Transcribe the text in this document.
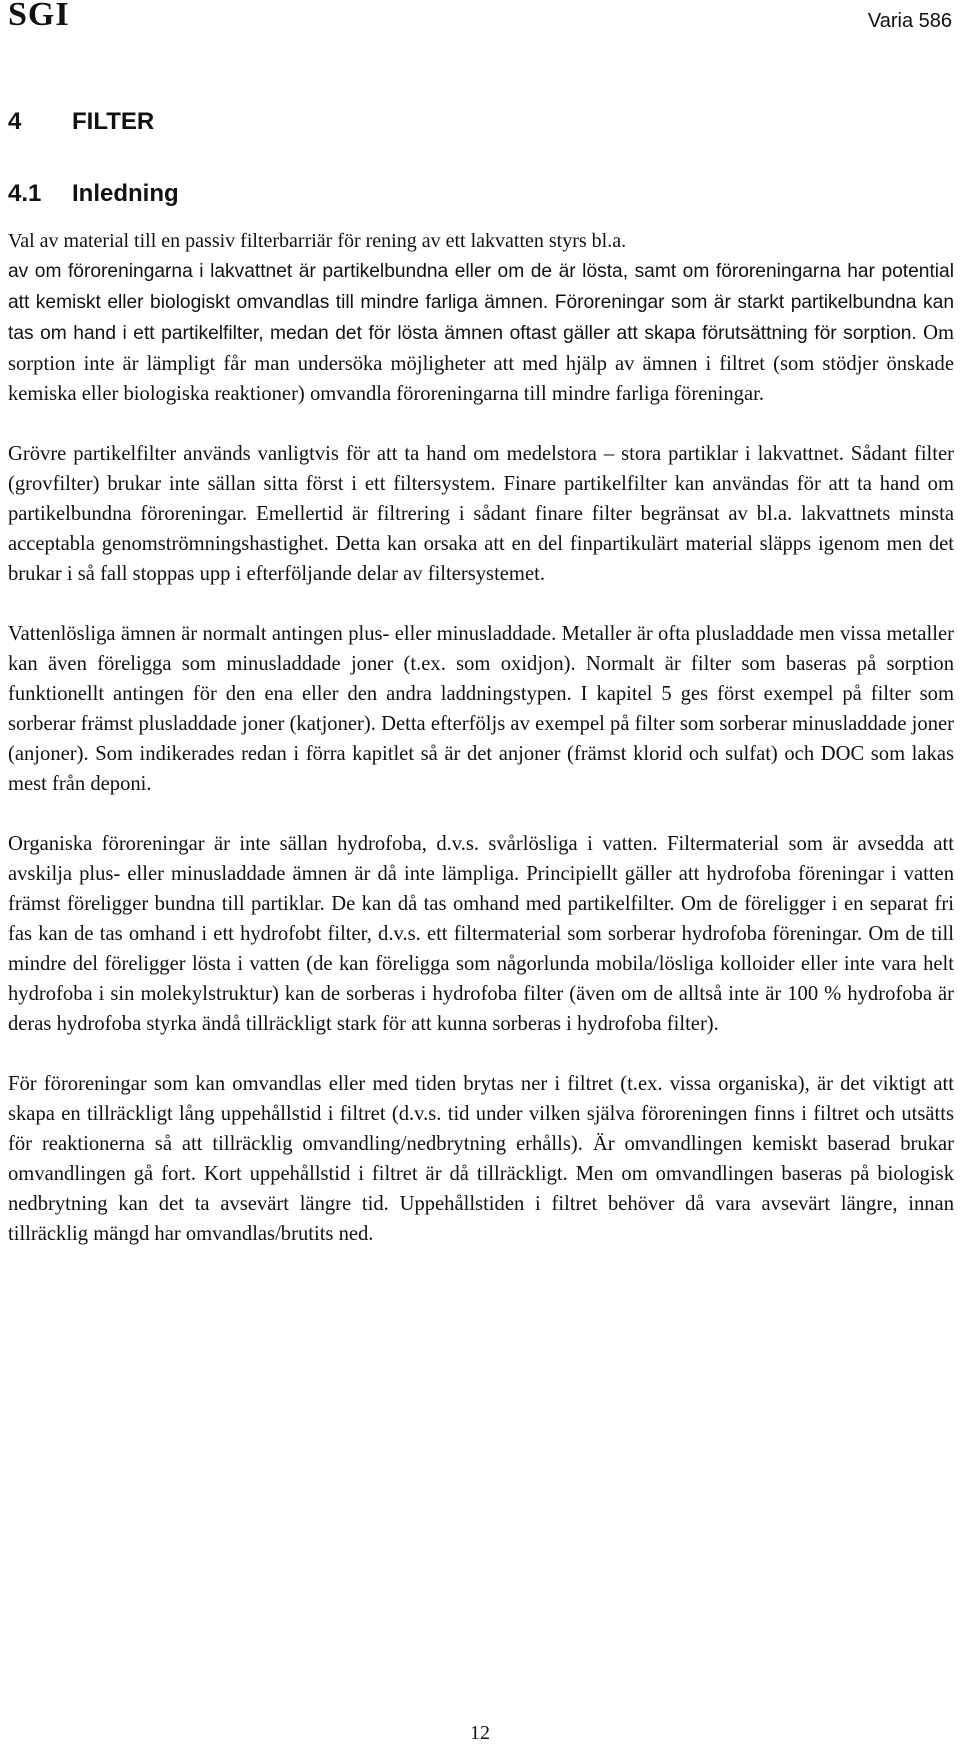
SGI	Varia 586
4 FILTER
4.1 Inledning

Val av material till en passiv filterbarriär för rening av ett lakvatten styrs bl.a.

av om föroreningarna i lakvattnet är partikelbundna eller om de är lösta, samt om föroreningarna har potential att kemiskt eller biologiskt omvandlas till mindre farliga ämnen. Föroreningar som är starkt partikelbundna kan tas om hand i ett partikelfilter, medan det för lösta ämnen oftast gäller att skapa förutsättning för sorption. Om sorption inte är lämpligt får man undersöka möjligheter att med hjälp av ämnen i filtret (som stödjer önskade kemiska eller biologiska reaktioner) omvandla föroreningarna till mindre farliga föreningar.

Grövre partikelfilter används vanligtvis för att ta hand om medelstora – stora partiklar i lakvattnet. Sådant filter (grovfilter) brukar inte sällan sitta först i ett filtersystem. Finare partikelfilter kan användas för att ta hand om partikelbundna föroreningar. Emellertid är filtrering i sådant finare filter begränsat av bl.a. lakvattnets minsta acceptabla genomströmningshastighet. Detta kan orsaka att en del finpartikulärt material släpps igenom men det brukar i så fall stoppas upp i efterföljande delar av filtersystemet.

Vattenlösliga ämnen är normalt antingen plus- eller minusladdade. Metaller är ofta plusladdade men vissa metaller kan även föreligga som minusladdade joner (t.ex. som oxidjon). Normalt är filter som baseras på sorption funktionellt antingen för den ena eller den andra laddningstypen. I kapitel 5 ges först exempel på filter som sorberar främst plusladdade joner (katjoner). Detta efterföljs av exempel på filter som sorberar minusladdade joner (anjoner). Som indikerades redan i förra kapitlet så är det anjoner (främst klorid och sulfat) och DOC som lakas mest från deponi.

Organiska föroreningar är inte sällan hydrofoba, d.v.s. svårlösliga i vatten. Filtermaterial som är avsedda att avskilja plus- eller minusladdade ämnen är då inte lämpliga. Principiellt gäller att hydrofoba föreningar i vatten främst föreligger bundna till partiklar. De kan då tas omhand med partikelfilter. Om de föreligger i en separat fri fas kan de tas omhand i ett hydrofobt filter, d.v.s. ett filtermaterial som sorberar hydrofoba föreningar. Om de till mindre del föreligger lösta i vatten (de kan föreligga som någorlunda mobila/lösliga kolloider eller inte vara helt hydrofoba i sin molekylstruktur) kan de sorberas i hydrofoba filter (även om de alltså inte är 100 % hydrofoba är deras hydrofoba styrka ändå tillräckligt stark för att kunna sorberas i hydrofoba filter).

För föroreningar som kan omvandlas eller med tiden brytas ner i filtret (t.ex. vissa organiska), är det viktigt att skapa en tillräckligt lång uppehållstid i filtret (d.v.s. tid under vilken själva föroreningen finns i filtret och utsätts för reaktionerna så att tillräcklig omvandling/nedbrytning erhålls). Är omvandlingen kemiskt baserad brukar omvandlingen gå fort. Kort uppehållstid i filtret är då tillräckligt. Men om omvandlingen baseras på biologisk nedbrytning kan det ta avsevärt längre tid. Uppehållstiden i filtret behöver då vara avsevärt längre, innan tillräcklig mängd har omvandlas/brutits ned.

12
